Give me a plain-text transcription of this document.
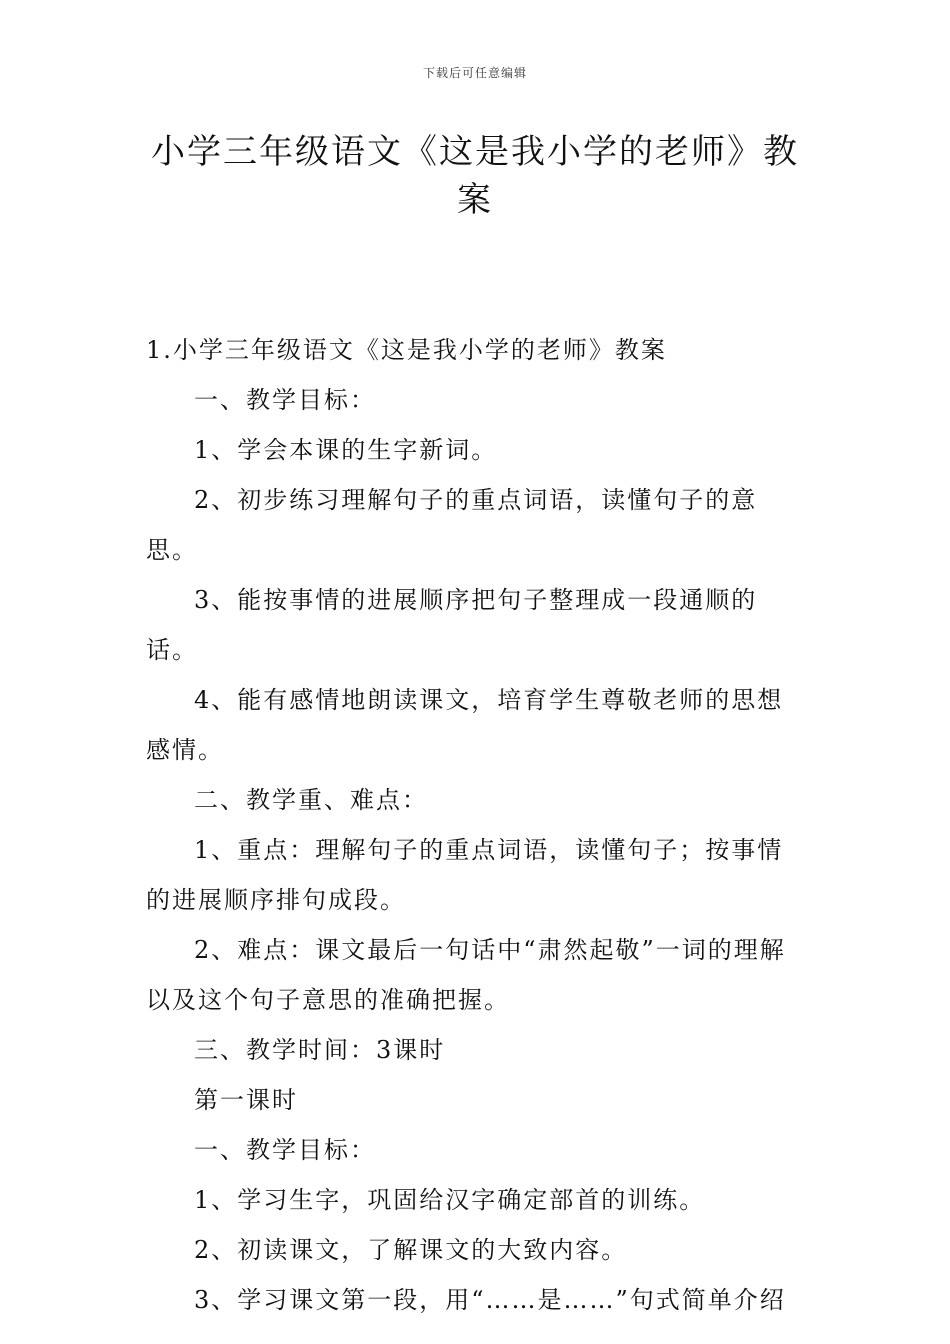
下载后可任意编辑
小学三年级语文《这是我小学的老师》教案

1.小学三年级语文《这是我小学的老师》教案

一、教学目标：

1、学会本课的生字新词。

2、初步练习理解句子的重点词语，读懂句子的意思。

3、能按事情的进展顺序把句子整理成一段通顺的话。

4、能有感情地朗读课文，培育学生尊敬老师的思想感情。

二、教学重、难点：

1、重点：理解句子的重点词语，读懂句子；按事情的进展顺序排句成段。

2、难点：课文最后一句话中“肃然起敬”一词的理解以及这个句子意思的准确把握。

三、教学时间：3课时

第一课时

一、教学目标：

1、学习生字，巩固给汉字确定部首的训练。

2、初读课文，了解课文的大致内容。

3、学习课文第一段，用“……是……”句式简单介绍
